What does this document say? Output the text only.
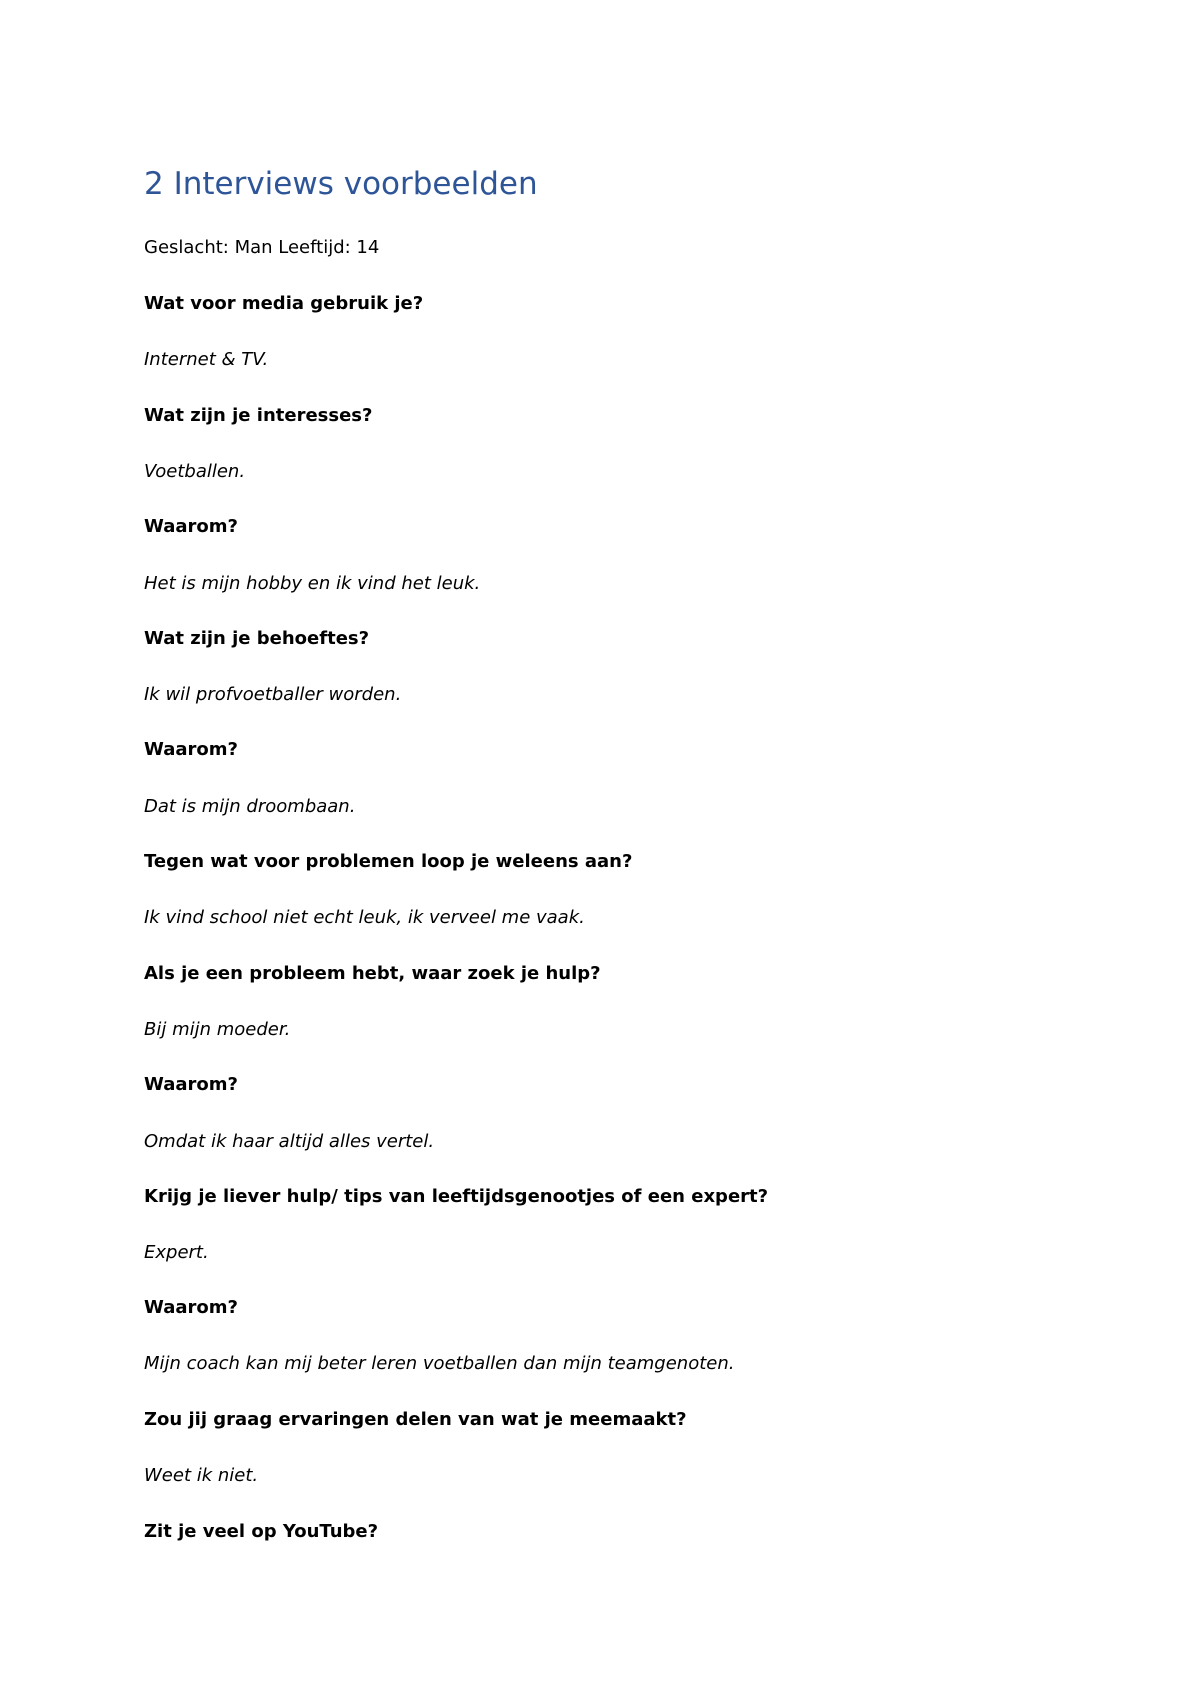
2 Interviews voorbeelden

Geslacht: Man Leeftijd: 14

Wat voor media gebruik je?

Internet & TV.

Wat zijn je interesses?

Voetballen.

Waarom?

Het is mijn hobby en ik vind het leuk.

Wat zijn je behoeftes?

Ik wil profvoetballer worden.

Waarom?

Dat is mijn droombaan.

Tegen wat voor problemen loop je weleens aan?

Ik vind school niet echt leuk, ik verveel me vaak.

Als je een probleem hebt, waar zoek je hulp?

Bij mijn moeder.

Waarom?

Omdat ik haar altijd alles vertel.

Krijg je liever hulp/ tips van leeftijdsgenootjes of een expert?

Expert.

Waarom?

Mijn coach kan mij beter leren voetballen dan mijn teamgenoten.

Zou jij graag ervaringen delen van wat je meemaakt?

Weet ik niet.

Zit je veel op YouTube?
